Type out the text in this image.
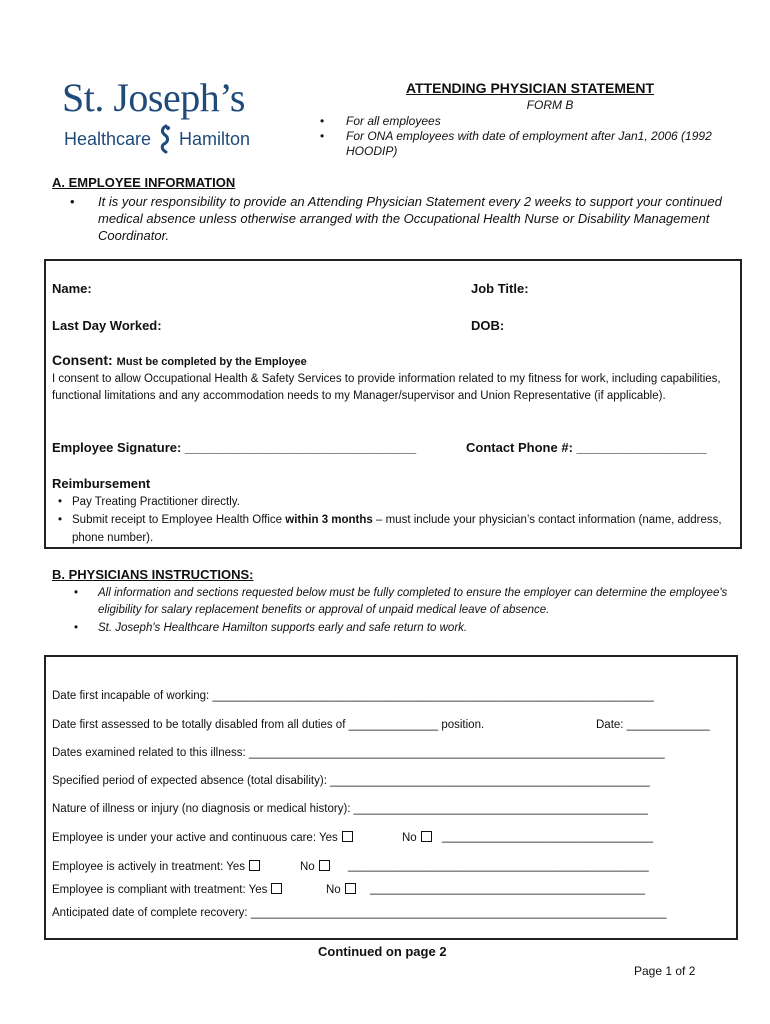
St. Joseph’s
Healthcare Hamilton
ATTENDING PHYSICIAN STATEMENT
FORM B
• For all employees
• For ONA employees with date of employment after Jan1, 2006 (1992 HOODIP)
A. EMPLOYEE INFORMATION
• It is your responsibility to provide an Attending Physician Statement every 2 weeks to support your continued medical absence unless otherwise arranged with the Occupational Health Nurse or Disability Management Coordinator.
Name:	Job Title:
Last Day Worked:	DOB:
Consent: Must be completed by the Employee
I consent to allow Occupational Health & Safety Services to provide information related to my fitness for work, including capabilities, functional limitations and any accommodation needs to my Manager/supervisor and Union Representative (if applicable).
Employee Signature: ________________________________	Contact Phone #: __________________
Reimbursement
• Pay Treating Practitioner directly.
• Submit receipt to Employee Health Office within 3 months – must include your physician’s contact information (name, address, phone number).
B. PHYSICIANS INSTRUCTIONS:
• All information and sections requested below must be fully completed to ensure the employer can determine the employee's eligibility for salary replacement benefits or approval of unpaid medical leave of absence.
• St. Joseph's Healthcare Hamilton supports early and safe return to work.
Date first incapable of working: _____________________________________________________________________
Date first assessed to be totally disabled from all duties of ______________ position.	Date: _____________
Dates examined related to this illness: _________________________________________________________________
Specified period of expected absence (total disability): __________________________________________________
Nature of illness or injury (no diagnosis or medical history): ______________________________________________
Employee is under your active and continuous care: Yes	No	_________________________________
Employee is actively in treatment: Yes	No	_______________________________________________
Employee is compliant with treatment: Yes	No	___________________________________________
Anticipated date of complete recovery: _________________________________________________________________
Continued on page 2
Page 1 of 2
